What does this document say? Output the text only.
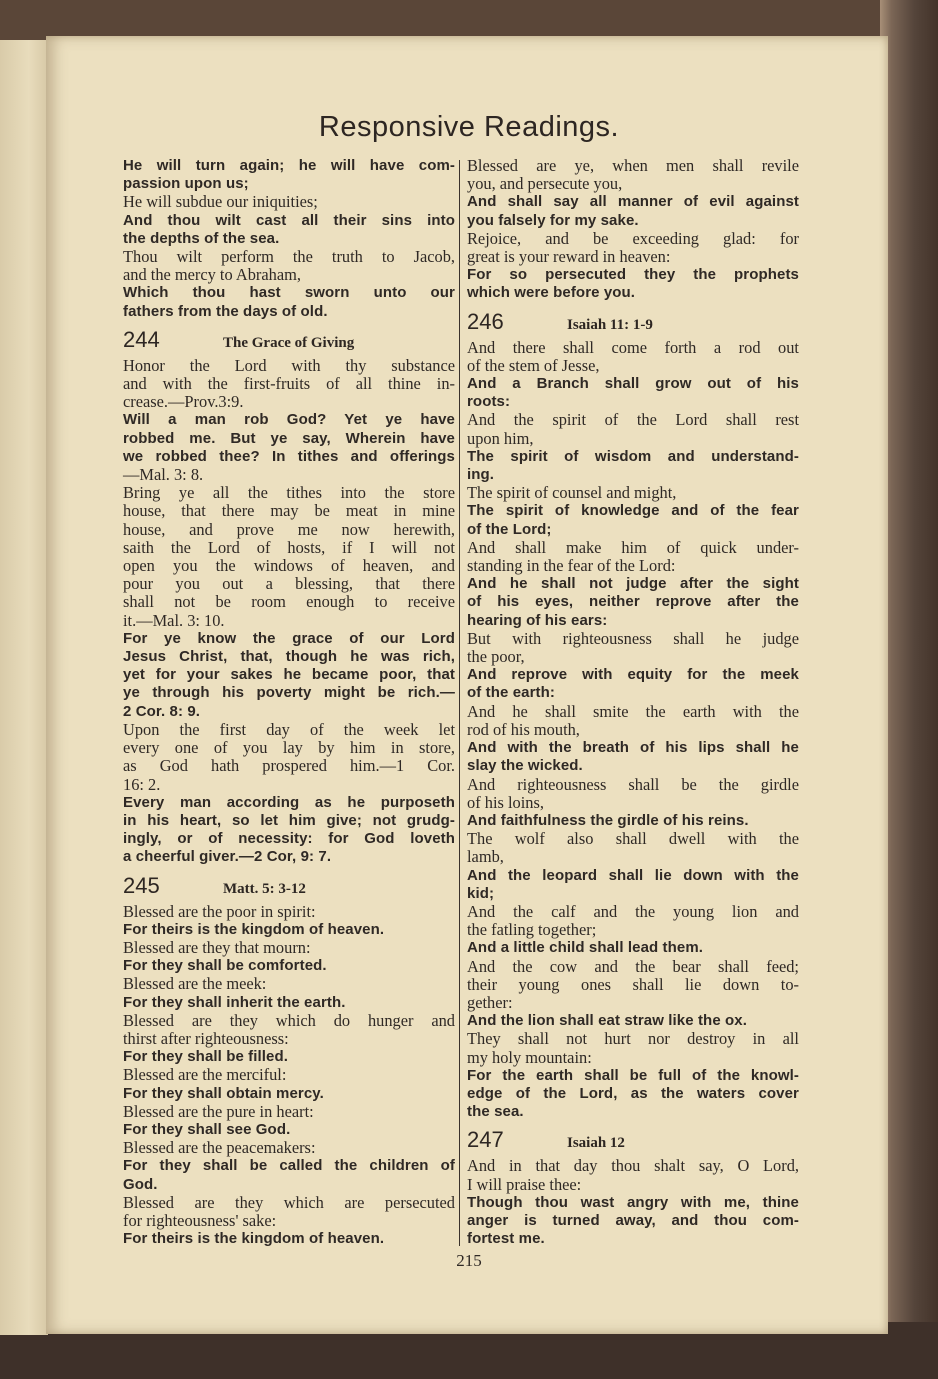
Responsive Readings.
He will turn again; he will have com-
passion upon us;
He will subdue our iniquities;
And thou wilt cast all their sins into
the depths of the sea.
Thou wilt perform the truth to Jacob,
and the mercy to Abraham,
Which thou hast sworn unto our
fathers from the days of old.
244	The Grace of Giving
Honor the Lord with thy substance
and with the first-fruits of all thine in-
crease.—Prov.3:9.
Will a man rob God? Yet ye have
robbed me. But ye say, Wherein have
we robbed thee? In tithes and offerings
—Mal. 3: 8.
Bring ye all the tithes into the store
house, that there may be meat in mine
house, and prove me now herewith,
saith the Lord of hosts, if I will not
open you the windows of heaven, and
pour you out a blessing, that there
shall not be room enough to receive
it.—Mal. 3: 10.
For ye know the grace of our Lord
Jesus Christ, that, though he was rich,
yet for your sakes he became poor, that
ye through his poverty might be rich.—
2 Cor. 8: 9.
Upon the first day of the week let
every one of you lay by him in store,
as God hath prospered him.—1 Cor.
16: 2.
Every man according as he purposeth
in his heart, so let him give; not grudg-
ingly, or of necessity: for God loveth
a cheerful giver.—2 Cor, 9: 7.
245	Matt. 5: 3-12
Blessed are the poor in spirit:
For theirs is the kingdom of heaven.
Blessed are they that mourn:
For they shall be comforted.
Blessed are the meek:
For they shall inherit the earth.
Blessed are they which do hunger and
thirst after righteousness:
For they shall be filled.
Blessed are the merciful:
For they shall obtain mercy.
Blessed are the pure in heart:
For they shall see God.
Blessed are the peacemakers:
For they shall be called the children of
God.
Blessed are they which are persecuted
for righteousness' sake:
For theirs is the kingdom of heaven.
Blessed are ye, when men shall revile
you, and persecute you,
And shall say all manner of evil against
you falsely for my sake.
Rejoice, and be exceeding glad: for
great is your reward in heaven:
For so persecuted they the prophets
which were before you.
246	Isaiah 11: 1-9
And there shall come forth a rod out
of the stem of Jesse,
And a Branch shall grow out of his
roots:
And the spirit of the Lord shall rest
upon him,
The spirit of wisdom and understand-
ing.
The spirit of counsel and might,
The spirit of knowledge and of the fear
of the Lord;
And shall make him of quick under-
standing in the fear of the Lord:
And he shall not judge after the sight
of his eyes, neither reprove after the
hearing of his ears:
But with righteousness shall he judge
the poor,
And reprove with equity for the meek
of the earth:
And he shall smite the earth with the
rod of his mouth,
And with the breath of his lips shall he
slay the wicked.
And righteousness shall be the girdle
of his loins,
And faithfulness the girdle of his reins.
The wolf also shall dwell with the
lamb,
And the leopard shall lie down with the
kid;
And the calf and the young lion and
the fatling together;
And a little child shall lead them.
And the cow and the bear shall feed;
their young ones shall lie down to-
gether:
And the lion shall eat straw like the ox.
They shall not hurt nor destroy in all
my holy mountain:
For the earth shall be full of the knowl-
edge of the Lord, as the waters cover
the sea.
247	Isaiah 12
And in that day thou shalt say, O Lord,
I will praise thee:
Though thou wast angry with me, thine
anger is turned away, and thou com-
fortest me.
215
